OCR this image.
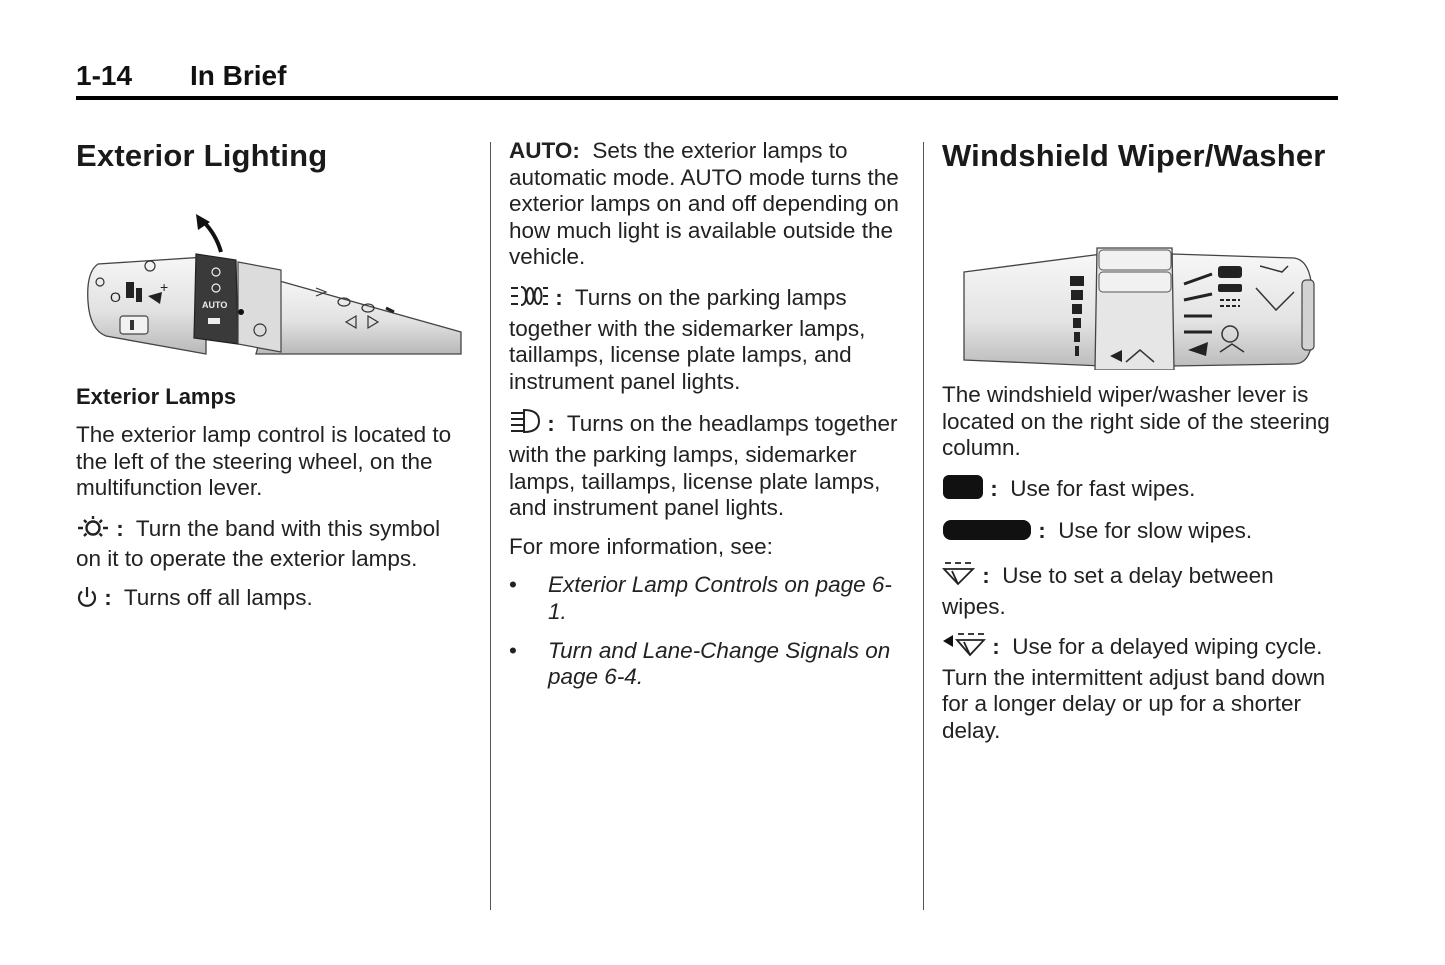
1-14 In Brief
Exterior Lighting
O
+
AUTO
Exterior Lamps

The exterior lamp control is located to the left of the steering wheel, on the multifunction lever.

: Turn the band with this symbol on it to operate the exterior lamps.

: Turns off all lamps.

AUTO: Sets the exterior lamps to automatic mode. AUTO mode turns the exterior lamps on and off depending on how much light is available outside the vehicle.

: Turns on the parking lamps together with the sidemarker lamps, taillamps, license plate lamps, and instrument panel lights.

: Turns on the headlamps together with the parking lamps, sidemarker lamps, taillamps, license plate lamps, and instrument panel lights.

For more information, see:

• Exterior Lamp Controls on page 6-1.
• Turn and Lane-Change Signals on page 6-4.
Windshield Wiper/Washer

The windshield wiper/washer lever is located on the right side of the steering column.

: Use for fast wipes.

: Use for slow wipes.

: Use to set a delay between wipes.

: Use for a delayed wiping cycle. Turn the intermittent adjust band down for a longer delay or up for a shorter delay.
